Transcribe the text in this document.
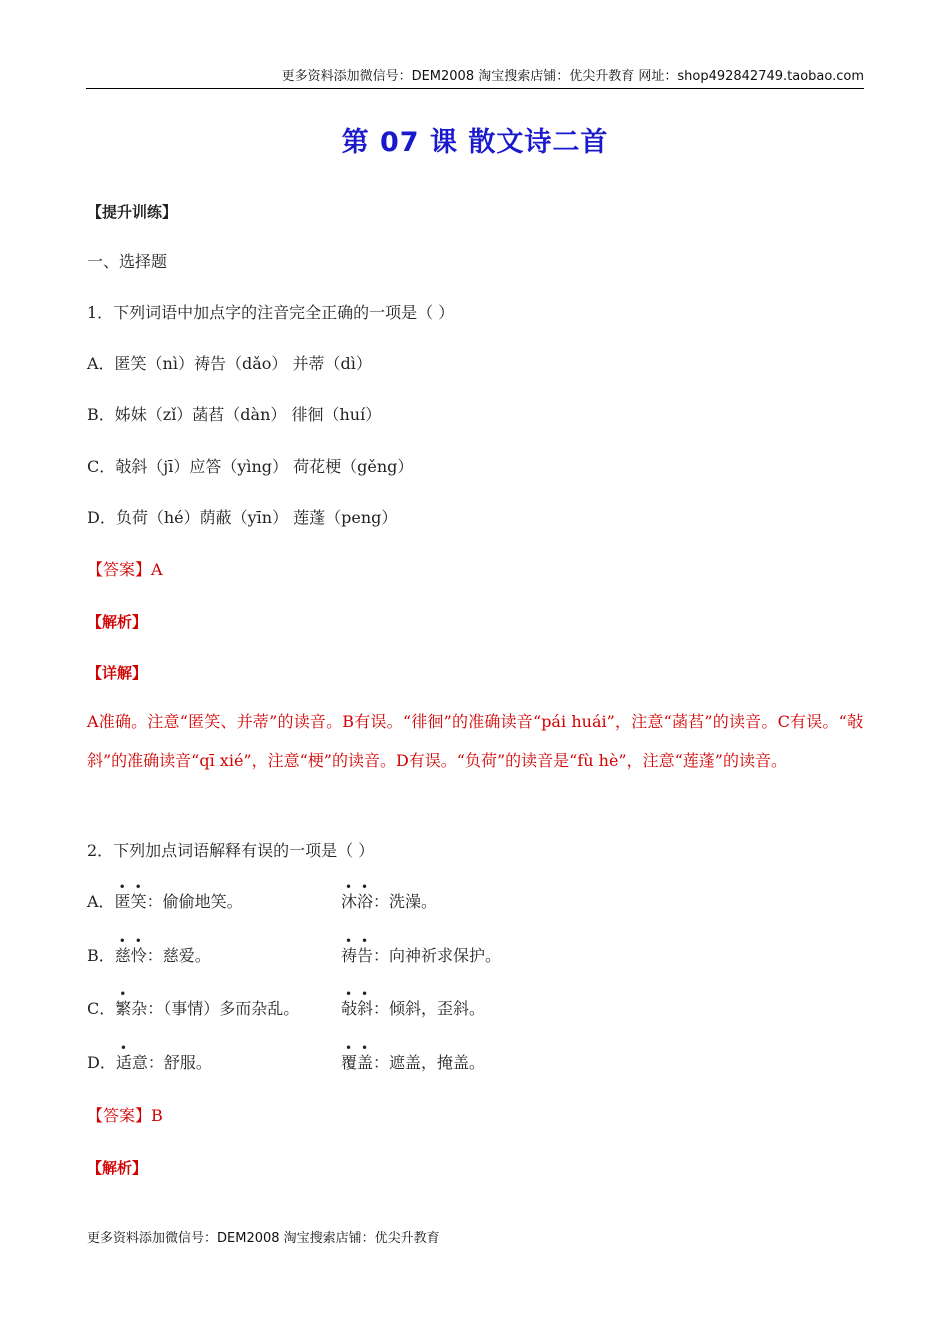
更多资料添加微信号：DEM2008 淘宝搜索店铺：优尖升教育 网址：shop492842749.taobao.com
第 07 课 散文诗二首
【提升训练】
一、选择题
1．下列词语中加点字的注音完全正确的一项是（ ）
A．匿笑（nì）祷告（dǎo） 并蒂（dì）
B．姊妹（zǐ）菡萏（dàn） 徘徊（huí）
C．敧斜（jī）应答（yìng） 荷花梗（gěng）
D．负荷（hé）荫蔽（yīn） 莲蓬（peng）
【答案】A
【解析】
【详解】
A准确。注意“匿笑、并蒂”的读音。B有误。“徘徊”的准确读音“pái huái”，注意“菡萏”的读音。C有误。“敧斜”的准确读音“qī xié”，注意“梗”的读音。D有误。“负荷”的读音是“fù hè”，注意“莲蓬”的读音。
2．下列加点词语解释有误的一项是（ ）
A．
• •
匿笑：偷偷地笑。
• •
沐浴：洗澡。
B．
• •
慈怜：慈爱。
• •
祷告：向神祈求保护。
C．
•
繁杂：（事情）多而杂乱。
• •
敧斜：倾斜，歪斜。
D．
•
适意：舒服。
• •
覆盖：遮盖，掩盖。
【答案】B
【解析】
更多资料添加微信号：DEM2008 淘宝搜索店铺：优尖升教育
